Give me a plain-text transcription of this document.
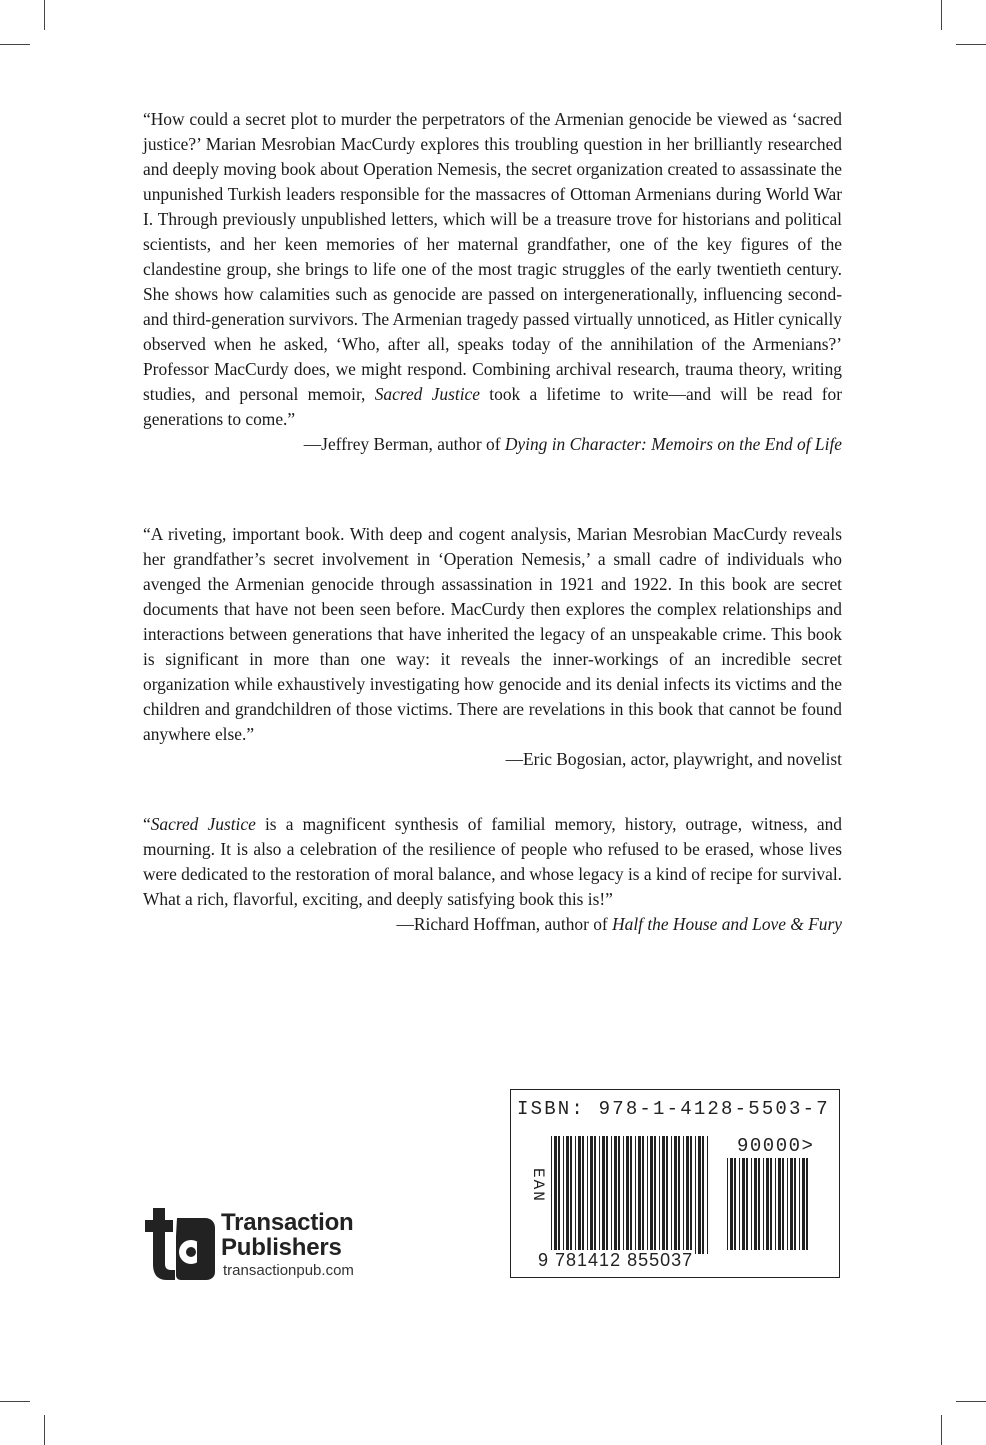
“How could a secret plot to murder the perpetrators of the Armenian genocide be viewed as ‘sacred justice?’ Marian Mesrobian MacCurdy explores this troubling question in her brilliantly researched and deeply moving book about Operation Nemesis, the secret organization created to assassinate the unpunished Turkish leaders responsible for the massacres of Ottoman Armenians during World War I. Through previously unpublished letters, which will be a treasure trove for historians and political scientists, and her keen memories of her maternal grandfather, one of the key figures of the clandestine group, she brings to life one of the most tragic struggles of the early twentieth century. She shows how calamities such as genocide are passed on intergenerationally, influencing second- and third-generation survivors. The Armenian tragedy passed virtually unnoticed, as Hitler cynically observed when he asked, ‘Who, after all, speaks today of the annihilation of the Armenians?’ Professor MacCurdy does, we might respond. Combining archival research, trauma theory, writing studies, and personal memoir, Sacred Justice took a lifetime to write—and will be read for generations to come.”

—Jeffrey Berman, author of Dying in Character: Memoirs on the End of Life

“A riveting, important book. With deep and cogent analysis, Marian Mesrobian MacCurdy reveals her grandfather’s secret involvement in ‘Operation Nemesis,’ a small cadre of individuals who avenged the Armenian genocide through assassination in 1921 and 1922. In this book are secret documents that have not been seen before. MacCurdy then explores the complex relationships and interactions between generations that have inherited the legacy of an unspeakable crime. This book is significant in more than one way: it reveals the inner-workings of an incredible secret organization while exhaustively investigating how genocide and its denial infects its victims and the children and grandchildren of those victims. There are revelations in this book that cannot be found anywhere else.”

—Eric Bogosian, actor, playwright, and novelist

“Sacred Justice is a magnificent synthesis of familial memory, history, outrage, witness, and mourning. It is also a celebration of the resilience of people who refused to be erased, whose lives were dedicated to the restoration of moral balance, and whose legacy is a kind of recipe for survival. What a rich, flavorful, exciting, and deeply satisfying book this is!”

—Richard Hoffman, author of Half the House and Love & Fury

Transaction
Publishers
transactionpub.com
ISBN: 978-1-4128-5503-7
90000>
EAN
9 781412 855037
